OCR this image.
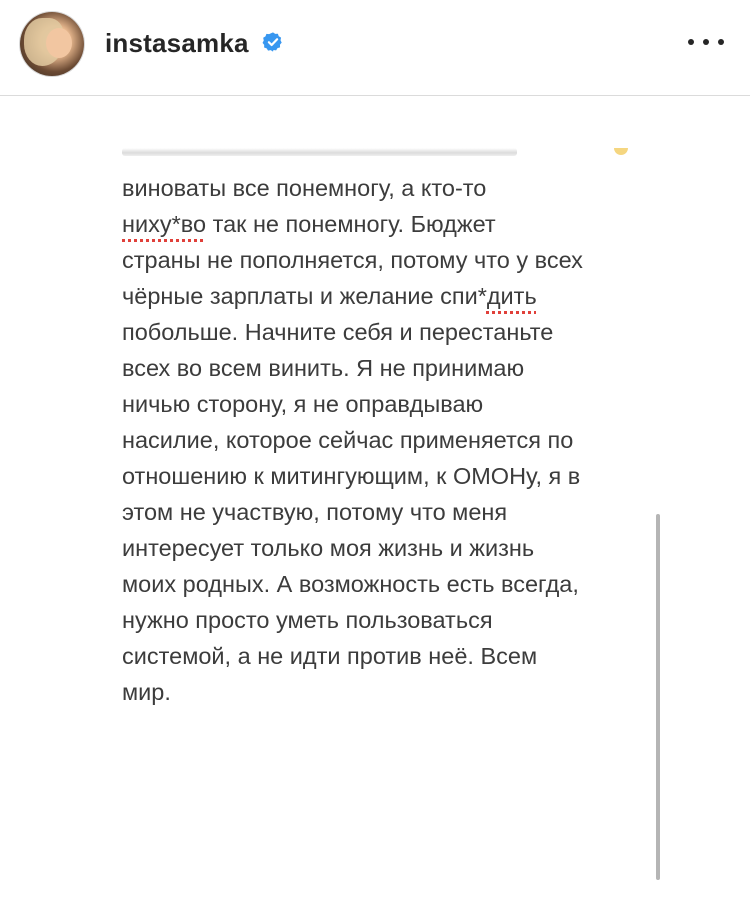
instasamka
виноваты все понемногу, а кто-то
ниху*во так не понемногу. Бюджет
страны не пополняется, потому что у всех
чёрные зарплаты и желание спи*дить
побольше. Начните себя и перестаньте
всех во всем винить. Я не принимаю
ничью сторону, я не оправдываю
насилие, которое сейчас применяется по
отношению к митингующим, к ОМОНу, я в
этом не участвую, потому что меня
интересует только моя жизнь и жизнь
моих родных. А возможность есть всегда,
нужно просто уметь пользоваться
системой, а не идти против неё. Всем
мир.
